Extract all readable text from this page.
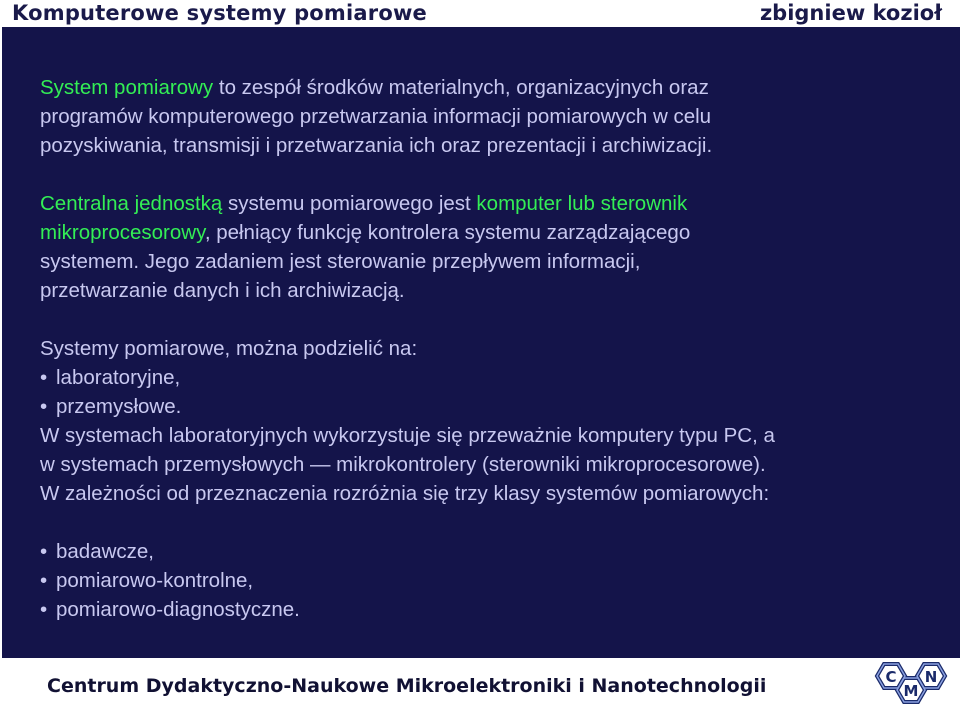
Komputerowe systemy pomiarowe	zbigniew kozioł
System pomiarowy to zespół środków materialnych, organizacyjnych oraz
programów komputerowego przetwarzania informacji pomiarowych w celu
pozyskiwania, transmisji i przetwarzania ich oraz prezentacji i archiwizacji.
Centralna jednostką systemu pomiarowego jest komputer lub sterownik
mikroprocesorowy, pełniący funkcję kontrolera systemu zarządzającego
systemem. Jego zadaniem jest sterowanie przepływem informacji,
przetwarzanie danych i ich archiwizacją.
Systemy pomiarowe, można podzielić na:
• laboratoryjne,
• przemysłowe.
W systemach laboratoryjnych wykorzystuje się przeważnie komputery typu PC, a
w systemach przemysłowych — mikrokontrolery (sterowniki mikroprocesorowe).
W zależności od przeznaczenia rozróżnia się trzy klasy systemów pomiarowych:
• badawcze,
• pomiarowo-kontrolne,
• pomiarowo-diagnostyczne.
Centrum Dydaktyczno-Naukowe Mikroelektroniki i Nanotechnologii	C
M
N
